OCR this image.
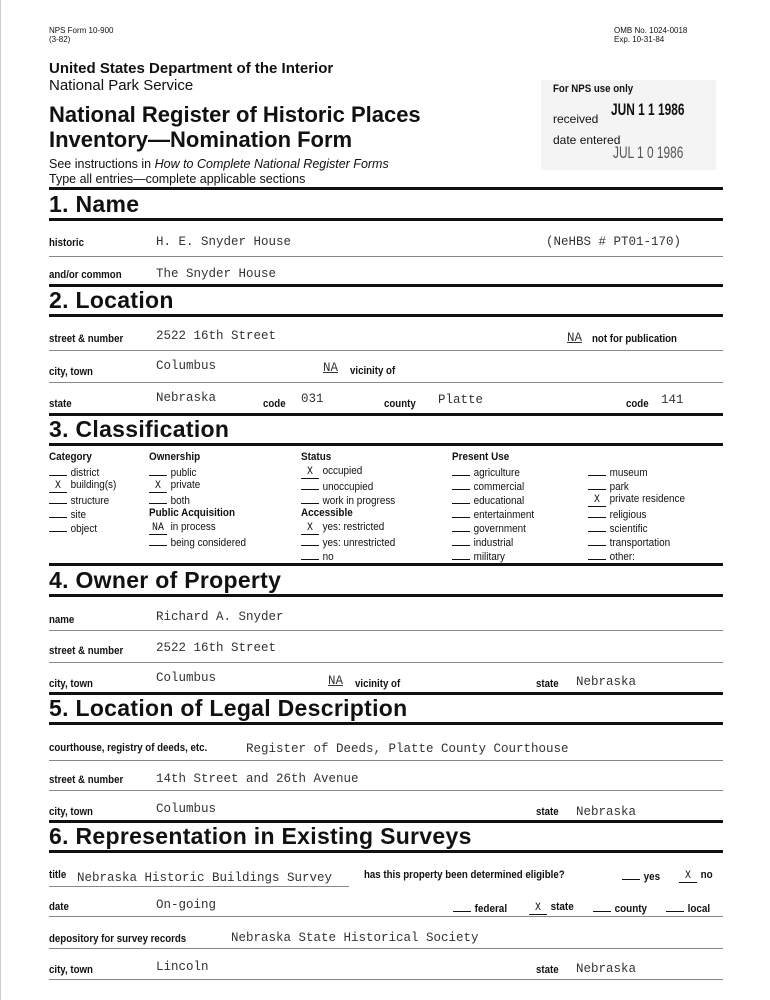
NPS Form 10-900
(3-82)
OMB No. 1024-0018
Exp. 10-31-84
United States Department of the Interior
National Park Service
National Register of Historic Places
Inventory—Nomination Form
See instructions in How to Complete National Register Forms
Type all entries—complete applicable sections
For NPS use only
received JUN 1 1 1986
date entered
JUL 1 0 1986
1. Name
historic	H. E. Snyder House	(NeHBS # PT01-170)
and/or common	The Snyder House
2. Location
street & number	2522 16th Street	NA not for publication
city, town	Columbus	NA vicinity of
state	Nebraska	code 031	county Platte	code 141
3. Classification
Category
district
X building(s)
structure
site
object
Ownership
public
X private
both
Public Acquisition
NA in process
being considered
Status
X occupied
unoccupied
work in progress
Accessible
X yes: restricted
yes: unrestricted
no
Present Use
agriculture
commercial
educational
entertainment
government
industrial
military
museum
park
X private residence
religious
scientific
transportation
other:
4. Owner of Property
name	Richard A. Snyder
street & number	2522 16th Street
city, town	Columbus	NA vicinity of	state Nebraska
5. Location of Legal Description
courthouse, registry of deeds, etc.	Register of Deeds, Platte County Courthouse
street & number	14th Street and 26th Avenue
city, town	Columbus	state Nebraska
6. Representation in Existing Surveys
title Nebraska Historic Buildings Survey	has this property been determined eligible?	yes	X no
date	On-going	federal	X state	county	local
depository for survey records	Nebraska State Historical Society
city, town	Lincoln	state Nebraska
